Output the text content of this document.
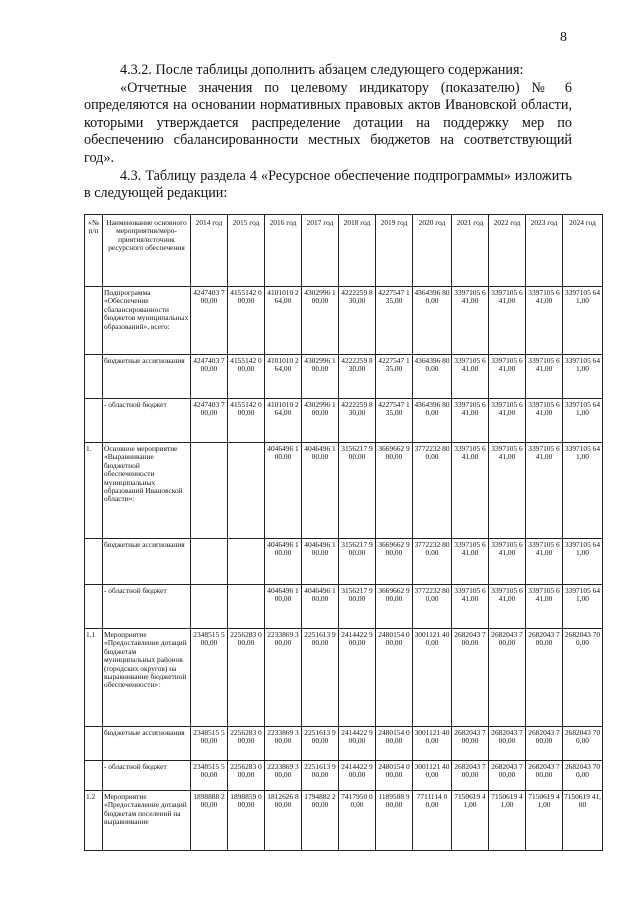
8

4.3.2. После таблицы дополнить абзацем следующего содержания:

«Отчетные значения по целевому индикатору (показателю) № 6 определяются на основании нормативных правовых актов Ивановской области, которыми утверждается распределение дотации на поддержку мер по обеспечению сбалансированности местных бюджетов на соответствующий год».

4.3. Таблицу раздела 4 «Ресурсное обеспечение подпрограммы» изложить в следующей редакции:

«№ п/п	Наименование основного мероприятия/меро-приятия/источник ресурсного обеспечения	2014 год	2015 год	2016 год	2017 год	2018 год	2019 год	2020 год	2021 год	2022 год	2023 год	2024 год
	Подпрограмма «Обеспечение сбалансированности бюджетов муниципальных образований», всего:	4247403 700,00	4155142 000,00	4101010 264,00	4302996 100,00	4222259 830,00	4227547 135,00	4364396 800,00	3397105 641,00	3397105 641,00	3397105 641,00	3397105 641,00
	бюджетные ассигнования	4247403 700,00	4155142 000,00	4101010 264,00	4302996 100,00	4222259 830,00	4227547 135,00	4364396 800,00	3397105 641,00	3397105 641,00	3397105 641,00	3397105 641,00
	- областной бюджет	4247403 700,00	4155142 000,00	4101010 264,00	4302996 100,00	4222259 830,00	4227547 135,00	4364396 800,00	3397105 641,00	3397105 641,00	3397105 641,00	3397105 641,00
1.	Основное мероприятие «Выравнивание бюджетной обеспеченности муниципальных образований Ивановской области»:			4046496 100,00	4046496 100,00	3156217 900,00	3669662 900,00	3772232 800,00	3397105 641,00	3397105 641,00	3397105 641,00	3397105 641,00
	бюджетные ассигнования			4046496 100,00	4046496 100,00	3156217 900,00	3669662 900,00	3772232 800,00	3397105 641,00	3397105 641,00	3397105 641,00	3397105 641,00
	- областной бюджет			4046496 100,00	4046496 100,00	3156217 900,00	3669662 900,00	3772232 800,00	3397105 641,00	3397105 641,00	3397105 641,00	3397105 641,00
1.1	Мероприятие «Предоставление дотаций бюджетам муниципальных районов (городских округов) на выравнивание бюджетной обеспеченности»:	2348515 500,00	2256283 000,00	2233869 300,00	2251613 900,00	2414422 900,00	2480154 000,00	3001121 400,00	2682043 700,00	2682043 700,00	2682043 700,00	2682043 700,00
	бюджетные ассигнования	2348515 500,00	2256283 000,00	2233869 300,00	2251613 900,00	2414422 900,00	2480154 000,00	3001121 400,00	2682043 700,00	2682043 700,00	2682043 700,00	2682043 700,00
	- областной бюджет	2348515 500,00	2256283 000,00	2233869 300,00	2251613 900,00	2414422 900,00	2480154 000,00	3001121 400,00	2682043 700,00	2682043 700,00	2682043 700,00	2682043 700,00
1.2	Мероприятие «Предоставление дотаций бюджетам поселений на выравнивание	1898888 200,00	1898859 000,00	1812626 800,00	1794882 200,00	7417950 00,00	1189508 900,00	7711114 00,00	7150619 41,00	7150619 41,00	7150619 41,00	7150619 41,00
